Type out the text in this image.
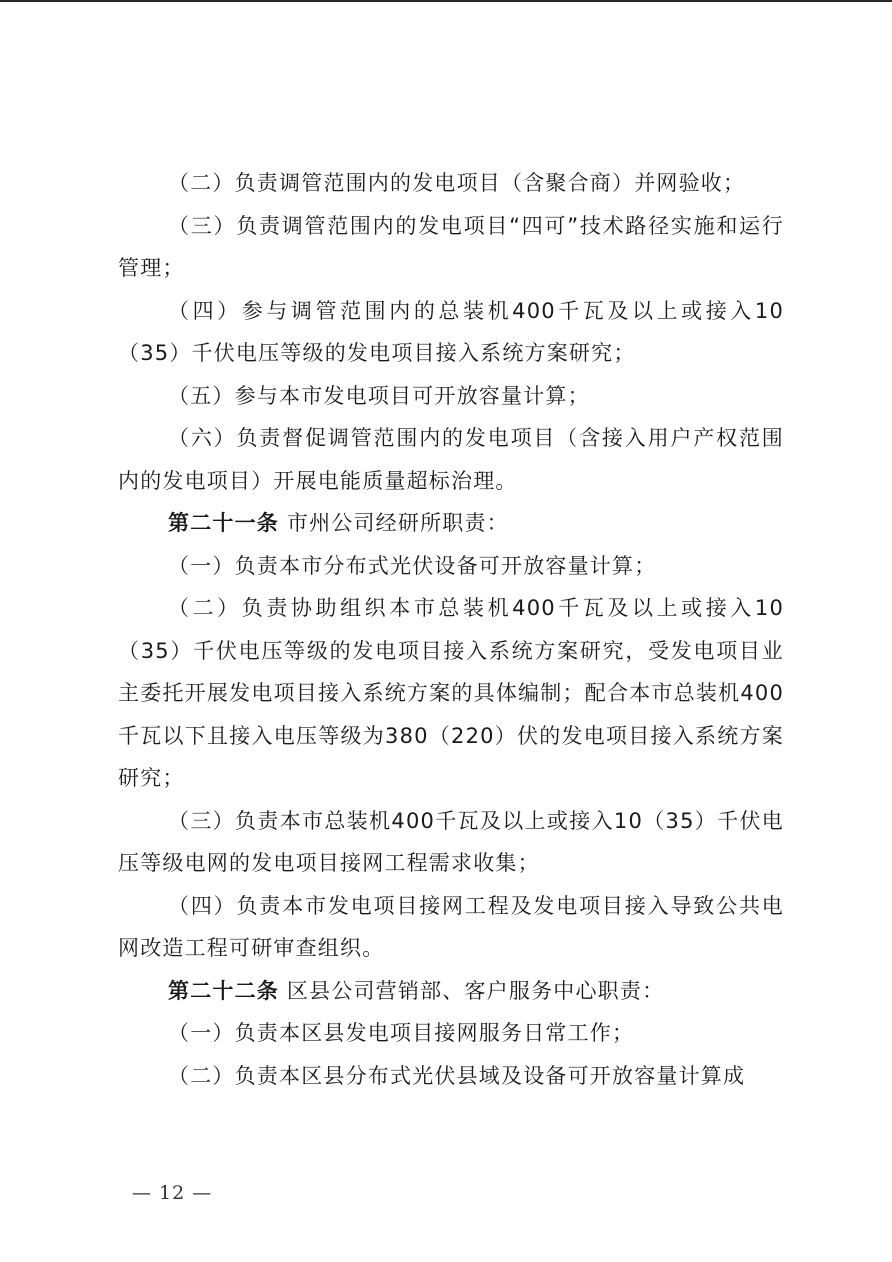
（二）负责调管范围内的发电项目（含聚合商）并网验收；

（三）负责调管范围内的发电项目“四可”技术路径实施和运行管理；

（四）参与调管范围内的总装机400千瓦及以上或接入10（35）千伏电压等级的发电项目接入系统方案研究；

（五）参与本市发电项目可开放容量计算；

（六）负责督促调管范围内的发电项目（含接入用户产权范围内的发电项目）开展电能质量超标治理。

第二十一条 市州公司经研所职责：

（一）负责本市分布式光伏设备可开放容量计算；

（二）负责协助组织本市总装机400千瓦及以上或接入10（35）千伏电压等级的发电项目接入系统方案研究，受发电项目业主委托开展发电项目接入系统方案的具体编制；配合本市总装机400千瓦以下且接入电压等级为380（220）伏的发电项目接入系统方案研究；

（三）负责本市总装机400千瓦及以上或接入10（35）千伏电压等级电网的发电项目接网工程需求收集；

（四）负责本市发电项目接网工程及发电项目接入导致公共电网改造工程可研审查组织。

第二十二条 区县公司营销部、客户服务中心职责：

（一）负责本区县发电项目接网服务日常工作；

（二）负责本区县分布式光伏县域及设备可开放容量计算成

— 12 —
